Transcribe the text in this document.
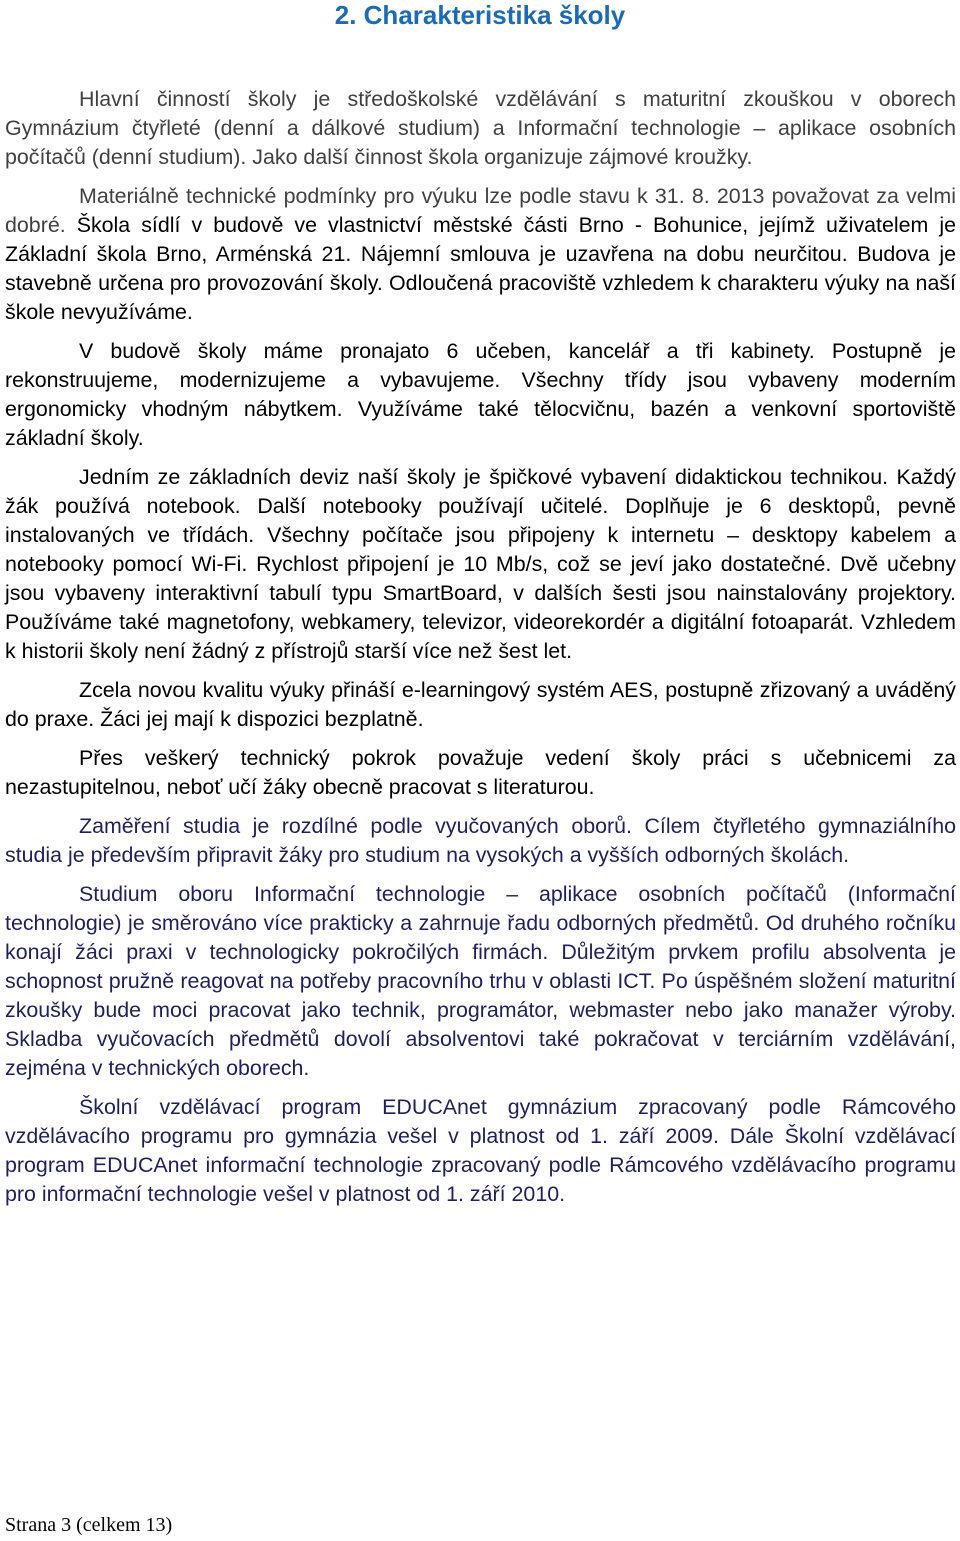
2. Charakteristika školy

Hlavní činností školy je středoškolské vzdělávání s maturitní zkouškou v oborech Gymnázium čtyřleté (denní a dálkové studium) a Informační technologie – aplikace osobních počítačů (denní studium). Jako další činnost škola organizuje zájmové kroužky.

Materiálně technické podmínky pro výuku lze podle stavu k 31. 8. 2013 považovat za velmi dobré. Škola sídlí v budově ve vlastnictví městské části Brno - Bohunice, jejímž uživatelem je Základní škola Brno, Arménská 21. Nájemní smlouva je uzavřena na dobu neurčitou. Budova je stavebně určena pro provozování školy. Odloučená pracoviště vzhledem k charakteru výuky na naší škole nevyužíváme.

V budově školy máme pronajato 6 učeben, kancelář a tři kabinety. Postupně je rekonstruujeme, modernizujeme a vybavujeme. Všechny třídy jsou vybaveny moderním ergonomicky vhodným nábytkem. Využíváme také tělocvičnu, bazén a venkovní sportoviště základní školy.

Jedním ze základních deviz naší školy je špičkové vybavení didaktickou technikou. Každý žák používá notebook. Další notebooky používají učitelé. Doplňuje je 6 desktopů, pevně instalovaných ve třídách. Všechny počítače jsou připojeny k internetu – desktopy kabelem a notebooky pomocí Wi-Fi. Rychlost připojení je 10 Mb/s, což se jeví jako dostatečné. Dvě učebny jsou vybaveny interaktivní tabulí typu SmartBoard, v dalších šesti jsou nainstalovány projektory. Používáme také magnetofony, webkamery, televizor, videorekordér a digitální fotoaparát. Vzhledem k historii školy není žádný z přístrojů starší více než šest let.

Zcela novou kvalitu výuky přináší e-learningový systém AES, postupně zřizovaný a uváděný do praxe. Žáci jej mají k dispozici bezplatně.

Přes veškerý technický pokrok považuje vedení školy práci s učebnicemi za nezastupitelnou, neboť učí žáky obecně pracovat s literaturou.

Zaměření studia je rozdílné podle vyučovaných oborů. Cílem čtyřletého gymnaziálního studia je především připravit žáky pro studium na vysokých a vyšších odborných školách.

Studium oboru Informační technologie – aplikace osobních počítačů (Informační technologie) je směrováno více prakticky a zahrnuje řadu odborných předmětů. Od druhého ročníku konají žáci praxi v technologicky pokročilých firmách. Důležitým prvkem profilu absolventa je schopnost pružně reagovat na potřeby pracovního trhu v oblasti ICT. Po úspěšném složení maturitní zkoušky bude moci pracovat jako technik, programátor, webmaster nebo jako manažer výroby. Skladba vyučovacích předmětů dovolí absolventovi také pokračovat v terciárním vzdělávání, zejména v technických oborech.

Školní vzdělávací program EDUCAnet gymnázium zpracovaný podle Rámcového vzdělávacího programu pro gymnázia vešel v platnost od 1. září 2009. Dále Školní vzdělávací program EDUCAnet informační technologie zpracovaný podle Rámcového vzdělávacího programu pro informační technologie vešel v platnost od 1. září 2010.

Strana 3 (celkem 13)
